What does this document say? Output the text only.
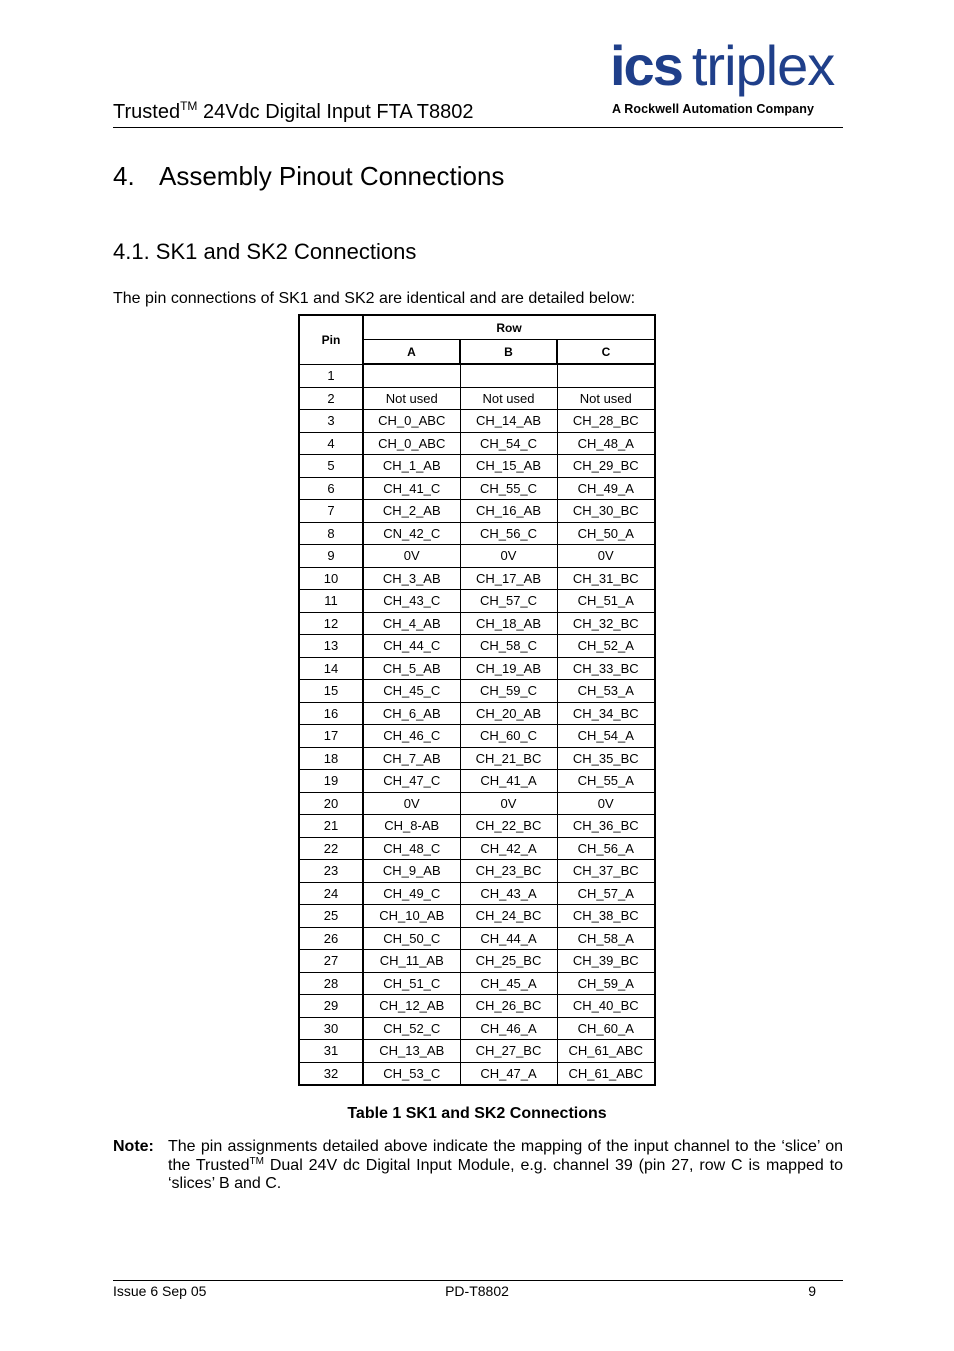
Trusted™ 24Vdc Digital Input FTA T8802
ics triplex
A Rockwell Automation Company
4. Assembly Pinout Connections
4.1. SK1 and SK2 Connections
The pin connections of SK1 and SK2 are identical and are detailed below:
Pin	Row		
	A	B	C
1			
2	Not used	Not used	Not used
3	CH_0_ABC	CH_14_AB	CH_28_BC
4	CH_0_ABC	CH_54_C	CH_48_A
5	CH_1_AB	CH_15_AB	CH_29_BC
6	CH_41_C	CH_55_C	CH_49_A
7	CH_2_AB	CH_16_AB	CH_30_BC
8	CN_42_C	CH_56_C	CH_50_A
9	0V	0V	0V
10	CH_3_AB	CH_17_AB	CH_31_BC
11	CH_43_C	CH_57_C	CH_51_A
12	CH_4_AB	CH_18_AB	CH_32_BC
13	CH_44_C	CH_58_C	CH_52_A
14	CH_5_AB	CH_19_AB	CH_33_BC
15	CH_45_C	CH_59_C	CH_53_A
16	CH_6_AB	CH_20_AB	CH_34_BC
17	CH_46_C	CH_60_C	CH_54_A
18	CH_7_AB	CH_21_BC	CH_35_BC
19	CH_47_C	CH_41_A	CH_55_A
20	0V	0V	0V
21	CH_8-AB	CH_22_BC	CH_36_BC
22	CH_48_C	CH_42_A	CH_56_A
23	CH_9_AB	CH_23_BC	CH_37_BC
24	CH_49_C	CH_43_A	CH_57_A
25	CH_10_AB	CH_24_BC	CH_38_BC
26	CH_50_C	CH_44_A	CH_58_A
27	CH_11_AB	CH_25_BC	CH_39_BC
28	CH_51_C	CH_45_A	CH_59_A
29	CH_12_AB	CH_26_BC	CH_40_BC
30	CH_52_C	CH_46_A	CH_60_A
31	CH_13_AB	CH_27_BC	CH_61_ABC
32	CH_53_C	CH_47_A	CH_61_ABC
Table 1 SK1 and SK2 Connections
Note: The pin assignments detailed above indicate the mapping of the input channel to the ‘slice’ on the Trusted™ Dual 24V dc Digital Input Module, e.g. channel 39 (pin 27, row C is mapped to ‘slices’ B and C.
Issue 6 Sep 05	PD-T8802	9
